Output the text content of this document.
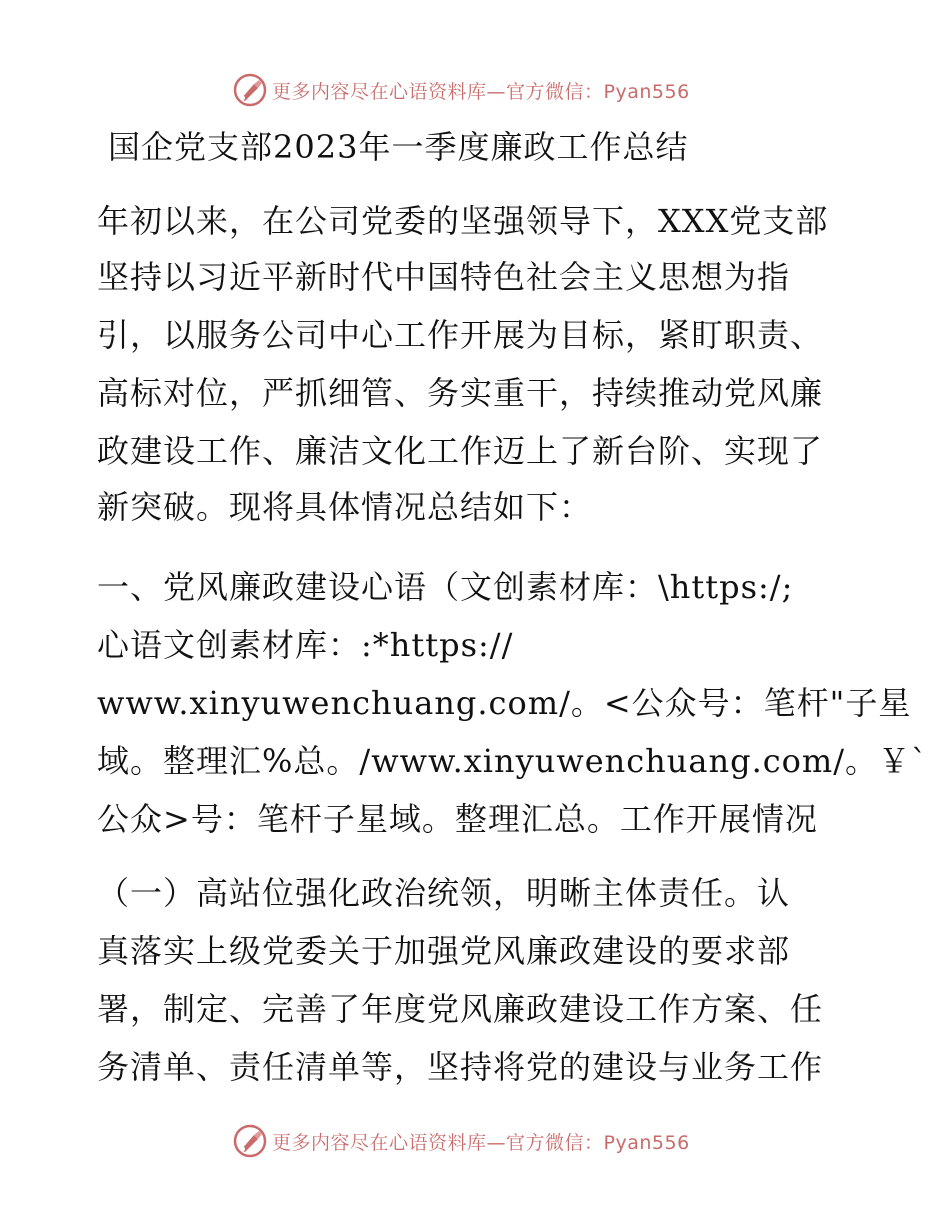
更多内容尽在心语资料库—官方微信：Pyan556
国企党支部2023年一季度廉政工作总结
年初以来，在公司党委的坚强领导下，XXX党支部
坚持以习近平新时代中国特色社会主义思想为指
引，以服务公司中心工作开展为目标，紧盯职责、
高标对位，严抓细管、务实重干，持续推动党风廉
政建设工作、廉洁文化工作迈上了新台阶、实现了
新突破。现将具体情况总结如下：
一、党风廉政建设心语（文创素材库：\https:/;
心语文创素材库：:*https://
www.xinyuwenchuang.com/。<公众号：笔杆"子星
域。整理汇%总。/www.xinyuwenchuang.com/。￥`
公众>号：笔杆子星域。整理汇总。工作开展情况
（一）高站位强化政治统领，明晰主体责任。认
真落实上级党委关于加强党风廉政建设的要求部
署，制定、完善了年度党风廉政建设工作方案、任
务清单、责任清单等，坚持将党的建设与业务工作
更多内容尽在心语资料库—官方微信：Pyan556
